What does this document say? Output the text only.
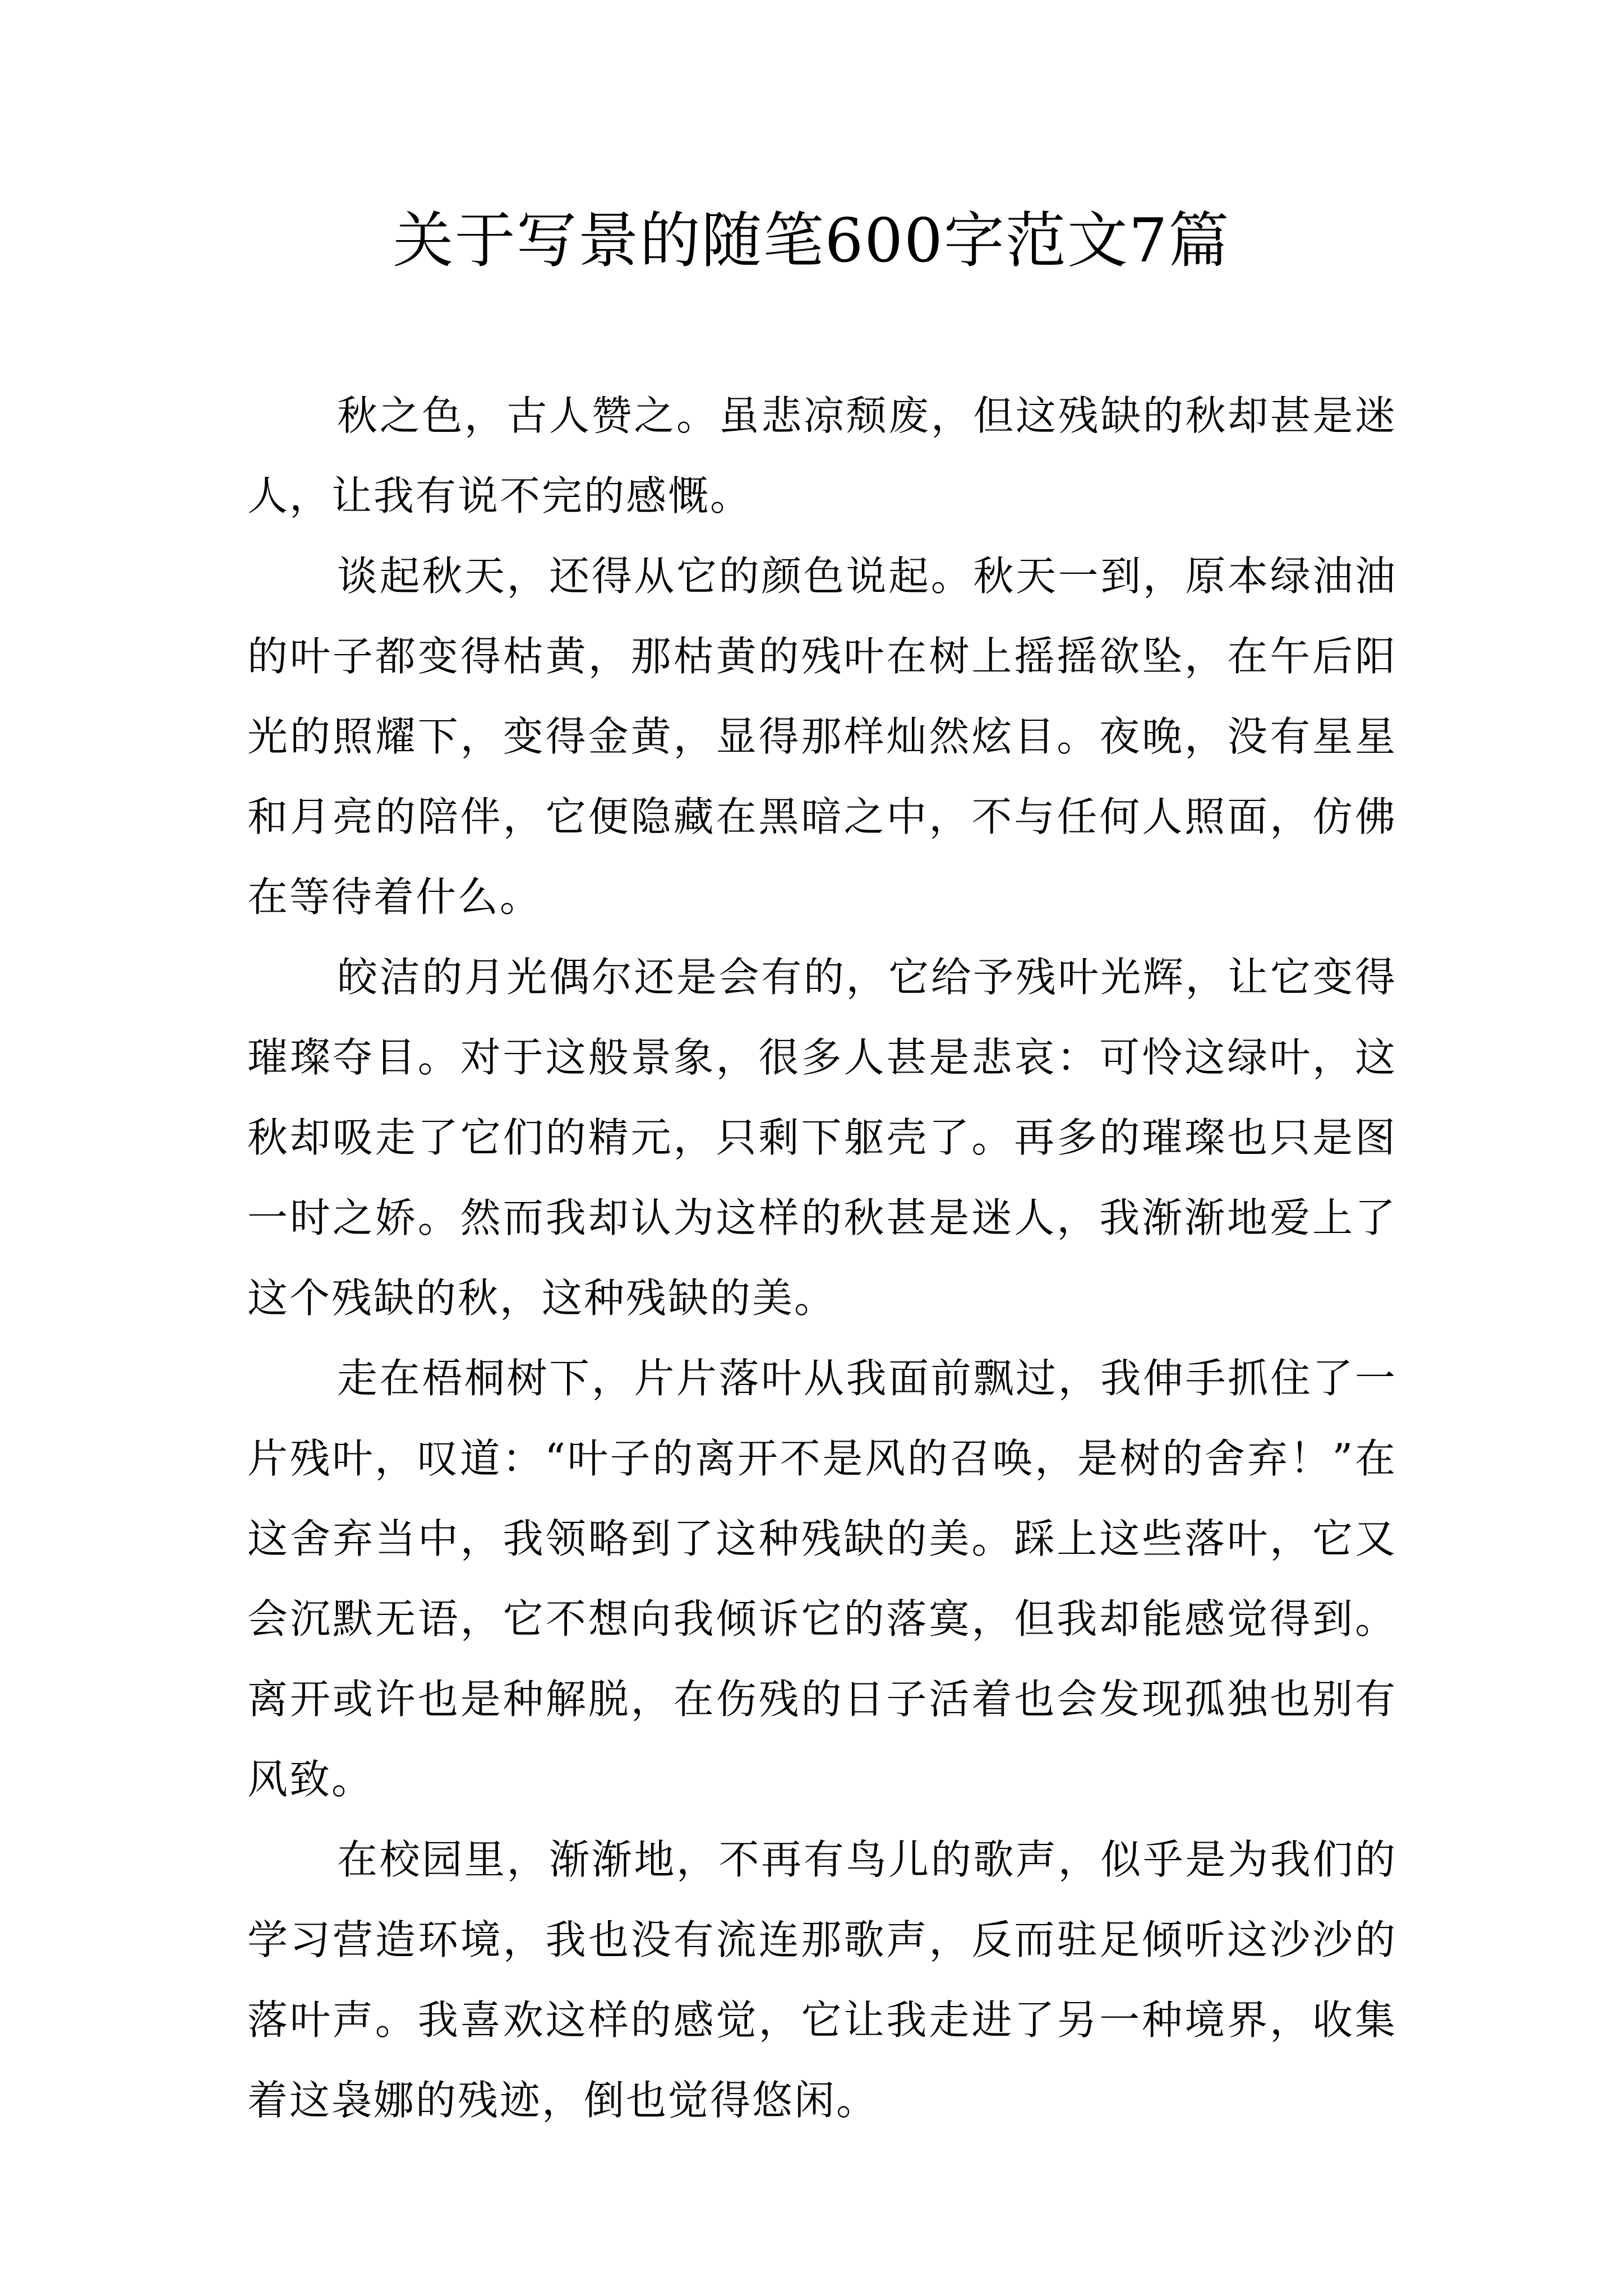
关于写景的随笔600字范文7篇

秋之色，古人赞之。虽悲凉颓废，但这残缺的秋却甚是迷人，让我有说不完的感慨。

谈起秋天，还得从它的颜色说起。秋天一到，原本绿油油的叶子都变得枯黄，那枯黄的残叶在树上摇摇欲坠，在午后阳光的照耀下，变得金黄，显得那样灿然炫目。夜晚，没有星星和月亮的陪伴，它便隐藏在黑暗之中，不与任何人照面，仿佛在等待着什么。

皎洁的月光偶尔还是会有的，它给予残叶光辉，让它变得璀璨夺目。对于这般景象，很多人甚是悲哀：可怜这绿叶，这秋却吸走了它们的精元，只剩下躯壳了。再多的璀璨也只是图一时之娇。然而我却认为这样的秋甚是迷人，我渐渐地爱上了这个残缺的秋，这种残缺的美。

走在梧桐树下，片片落叶从我面前飘过，我伸手抓住了一片残叶，叹道：“叶子的离开不是风的召唤，是树的舍弃！”在这舍弃当中，我领略到了这种残缺的美。踩上这些落叶，它又会沉默无语，它不想向我倾诉它的落寞，但我却能感觉得到。离开或许也是种解脱，在伤残的日子活着也会发现孤独也别有风致。

在校园里，渐渐地，不再有鸟儿的歌声，似乎是为我们的学习营造环境，我也没有流连那歌声，反而驻足倾听这沙沙的落叶声。我喜欢这样的感觉，它让我走进了另一种境界，收集着这袅娜的残迹，倒也觉得悠闲。
